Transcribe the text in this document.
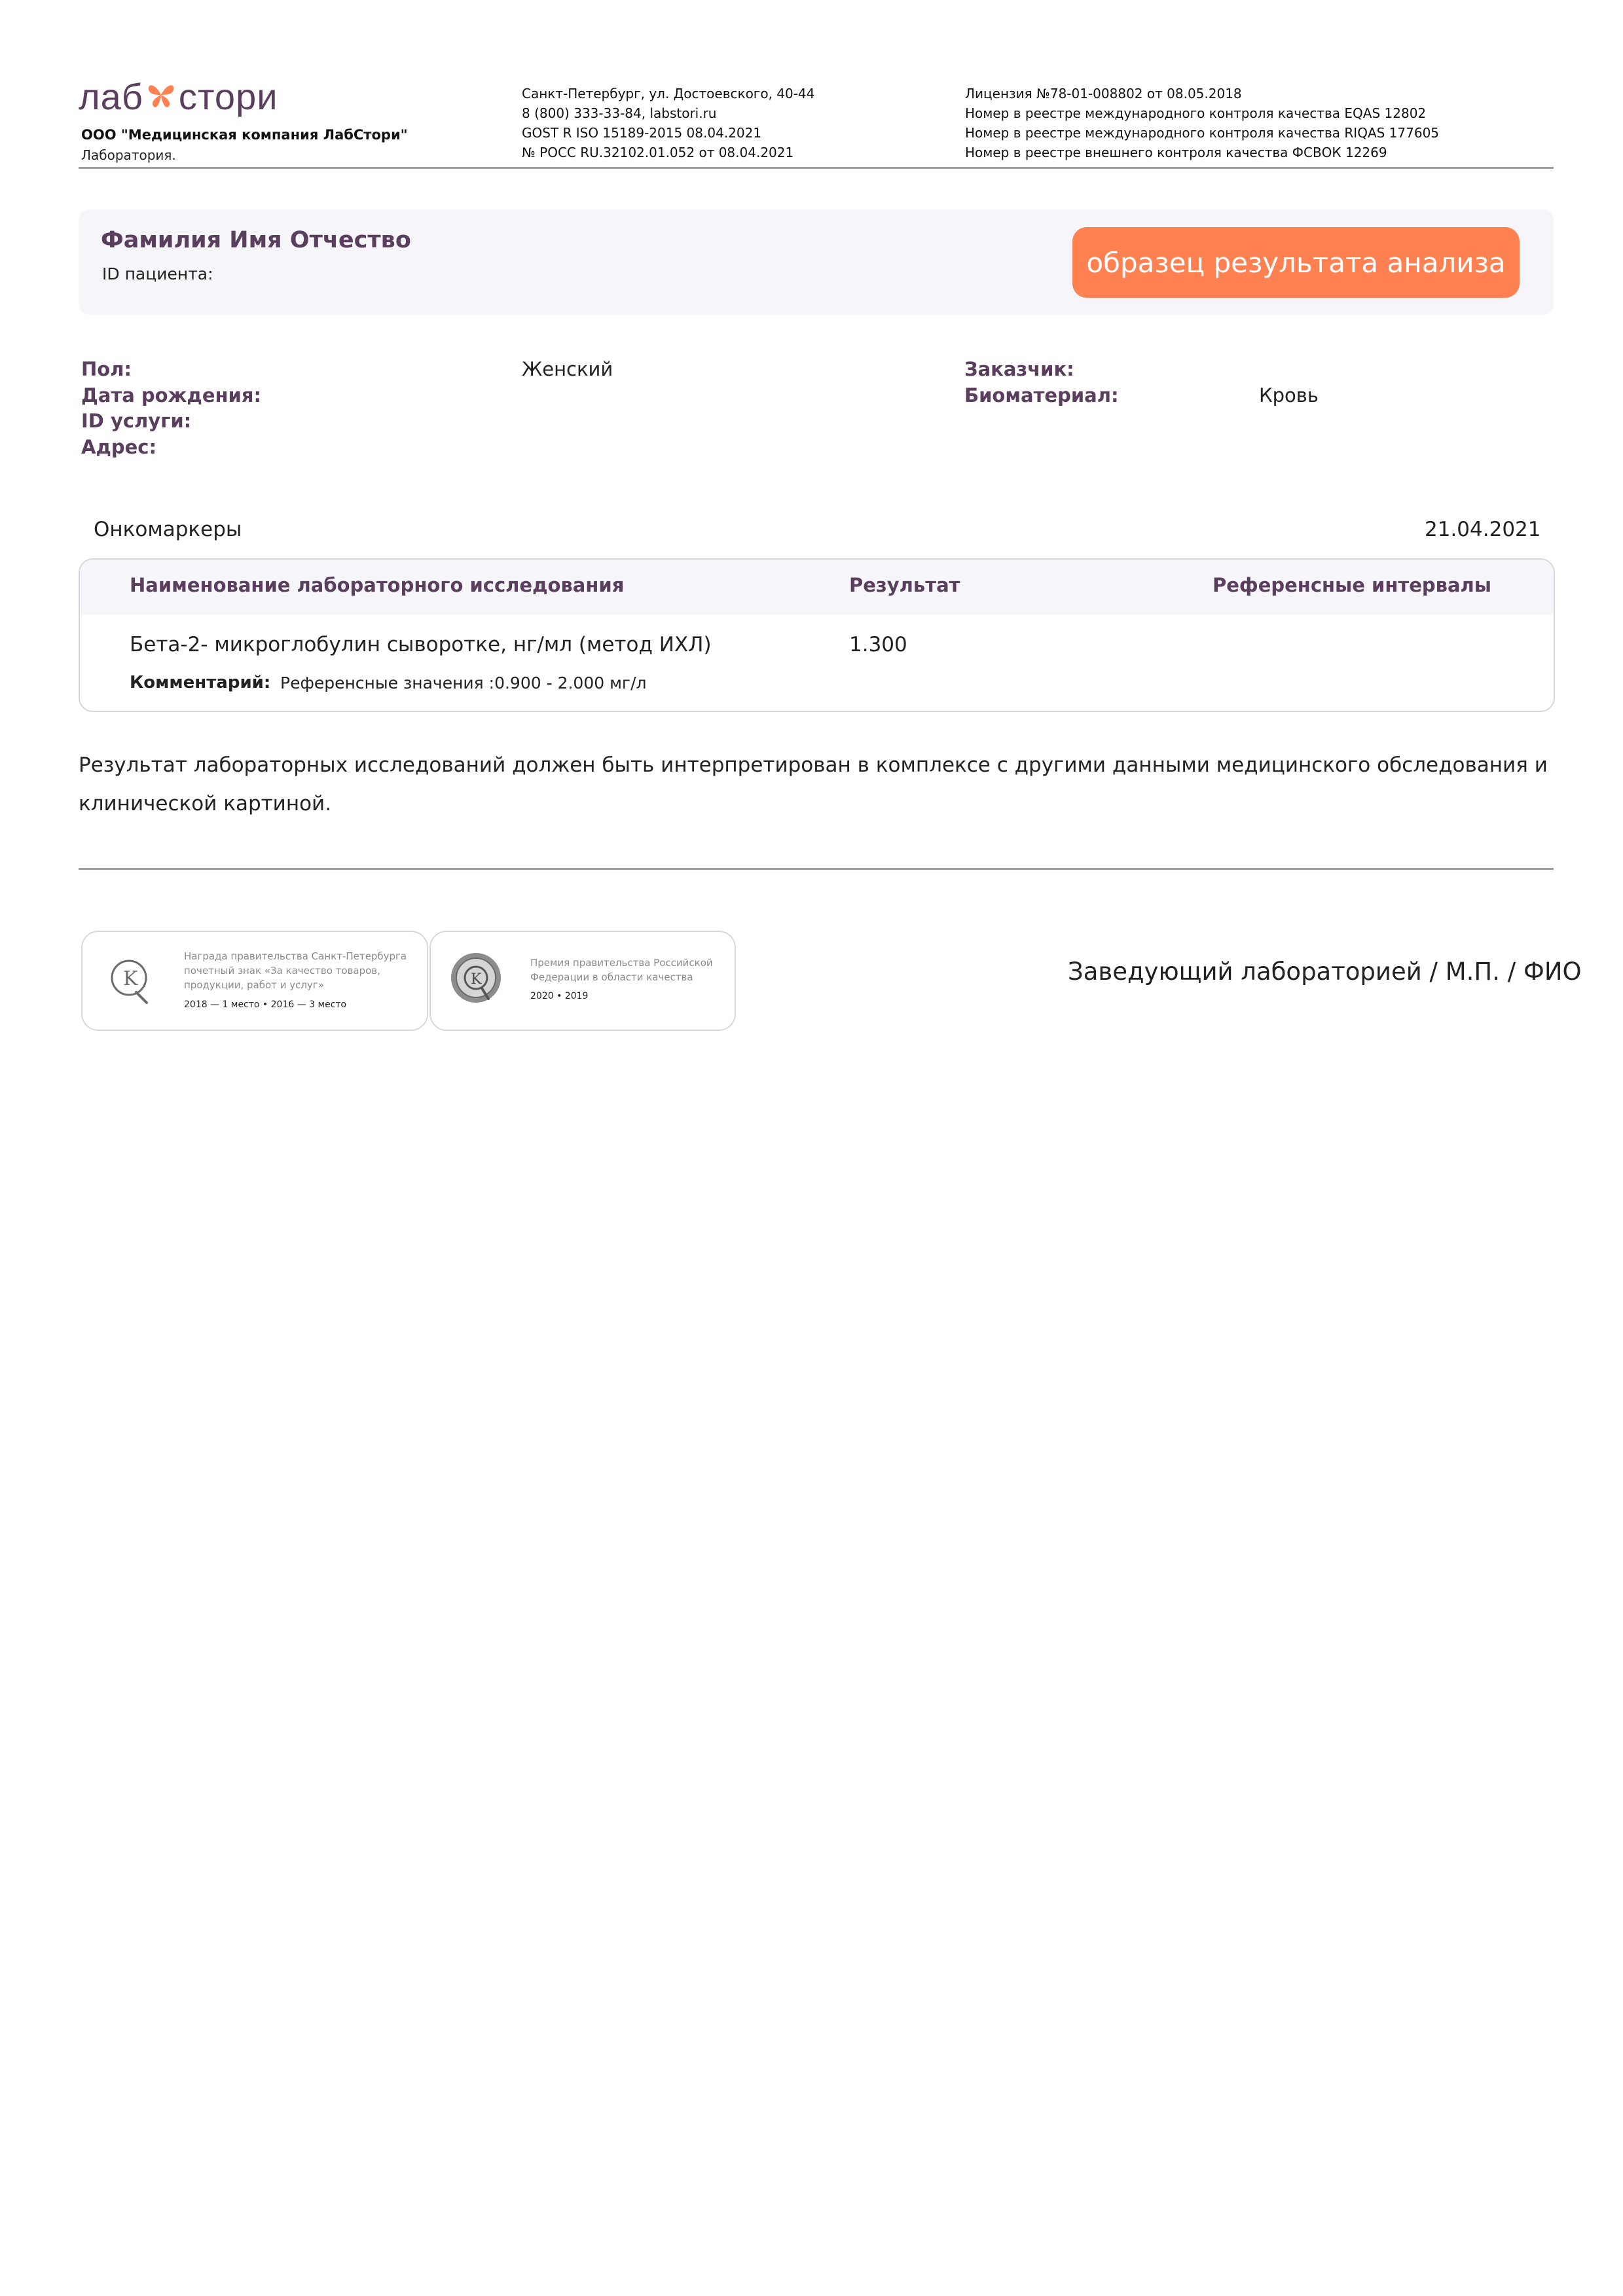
лаб стори
ООО "Медицинская компания ЛабСтори"
Лаборатория.
Санкт-Петербург, ул. Достоевского, 40-44
8 (800) 333-33-84, labstori.ru
GOST R ISO 15189-2015 08.04.2021
№ РОСС RU.32102.01.052 от 08.04.2021
Лицензия №78-01-008802 от 08.05.2018
Номер в реестре международного контроля качества EQAS 12802
Номер в реестре международного контроля качества RIQAS 177605
Номер в реестре внешнего контроля качества ФСВОК 12269
Фамилия Имя Отчество
ID пациента:	образец результата анализа
Пол:	Женский
Дата рождения:
ID услуги:
Адрес:
Заказчик:
Биоматериал:	Кровь
Онкомаркеры	21.04.2021
Наименование лабораторного исследования	Результат	Референсные интервалы
Бета-2- микроглобулин сыворотке, нг/мл (метод ИХЛ)	1.300
Комментарий: Референсные значения :0.900 - 2.000 мг/л
Результат лабораторных исследований должен быть интерпретирован в комплексе с другими данными медицинского обследования и клинической картиной.
K
Награда правительства Санкт-Петербурга
почетный знак «За качество товаров,
продукции, работ и услуг»
2018 — 1 место • 2016 — 3 место
K
Премия правительства Российской
Федерации в области качества
2020 • 2019
Заведующий лабораторией / М.П. / ФИО
